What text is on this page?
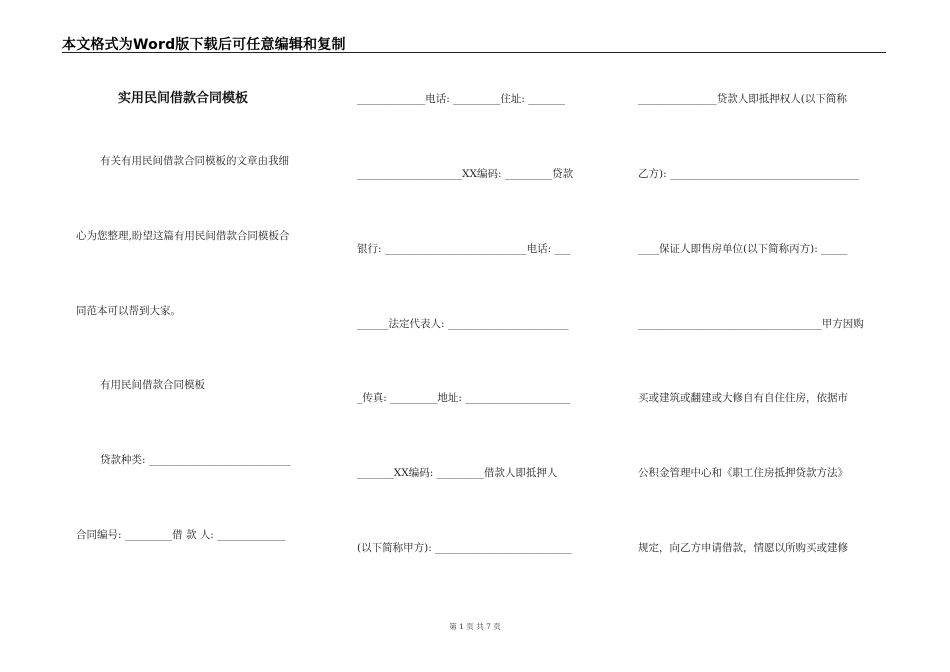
本文格式为Word版下载后可任意编辑和复制
实用民间借款合同模板
有关有用民间借款合同模板的文章由我细
心为您整理,盼望这篇有用民间借款合同模板合
同范本可以帮到大家。
有用民间借款合同模板
贷款种类: ___________________________
合同编号: _________借 款 人: _____________
_____________电话: _________住址: _______
____________________XX编码: _________贷款
银行: ___________________________电话: ___
______法定代表人: _______________________
_传真: _________地址: ____________________
_______XX编码: _________借款人即抵押人
(以下简称甲方): __________________________
_______________贷款人即抵押权人(以下简称
乙方): ____________________________________
____保证人即售房单位(以下简称丙方): _____
___________________________________甲方因购
买或建筑或翻建或大修自有自住住房，依据市
公积金管理中心和《职工住房抵押贷款方法》
规定，向乙方申请借款，情愿以所购买或建修
第 1 页 共 7 页
